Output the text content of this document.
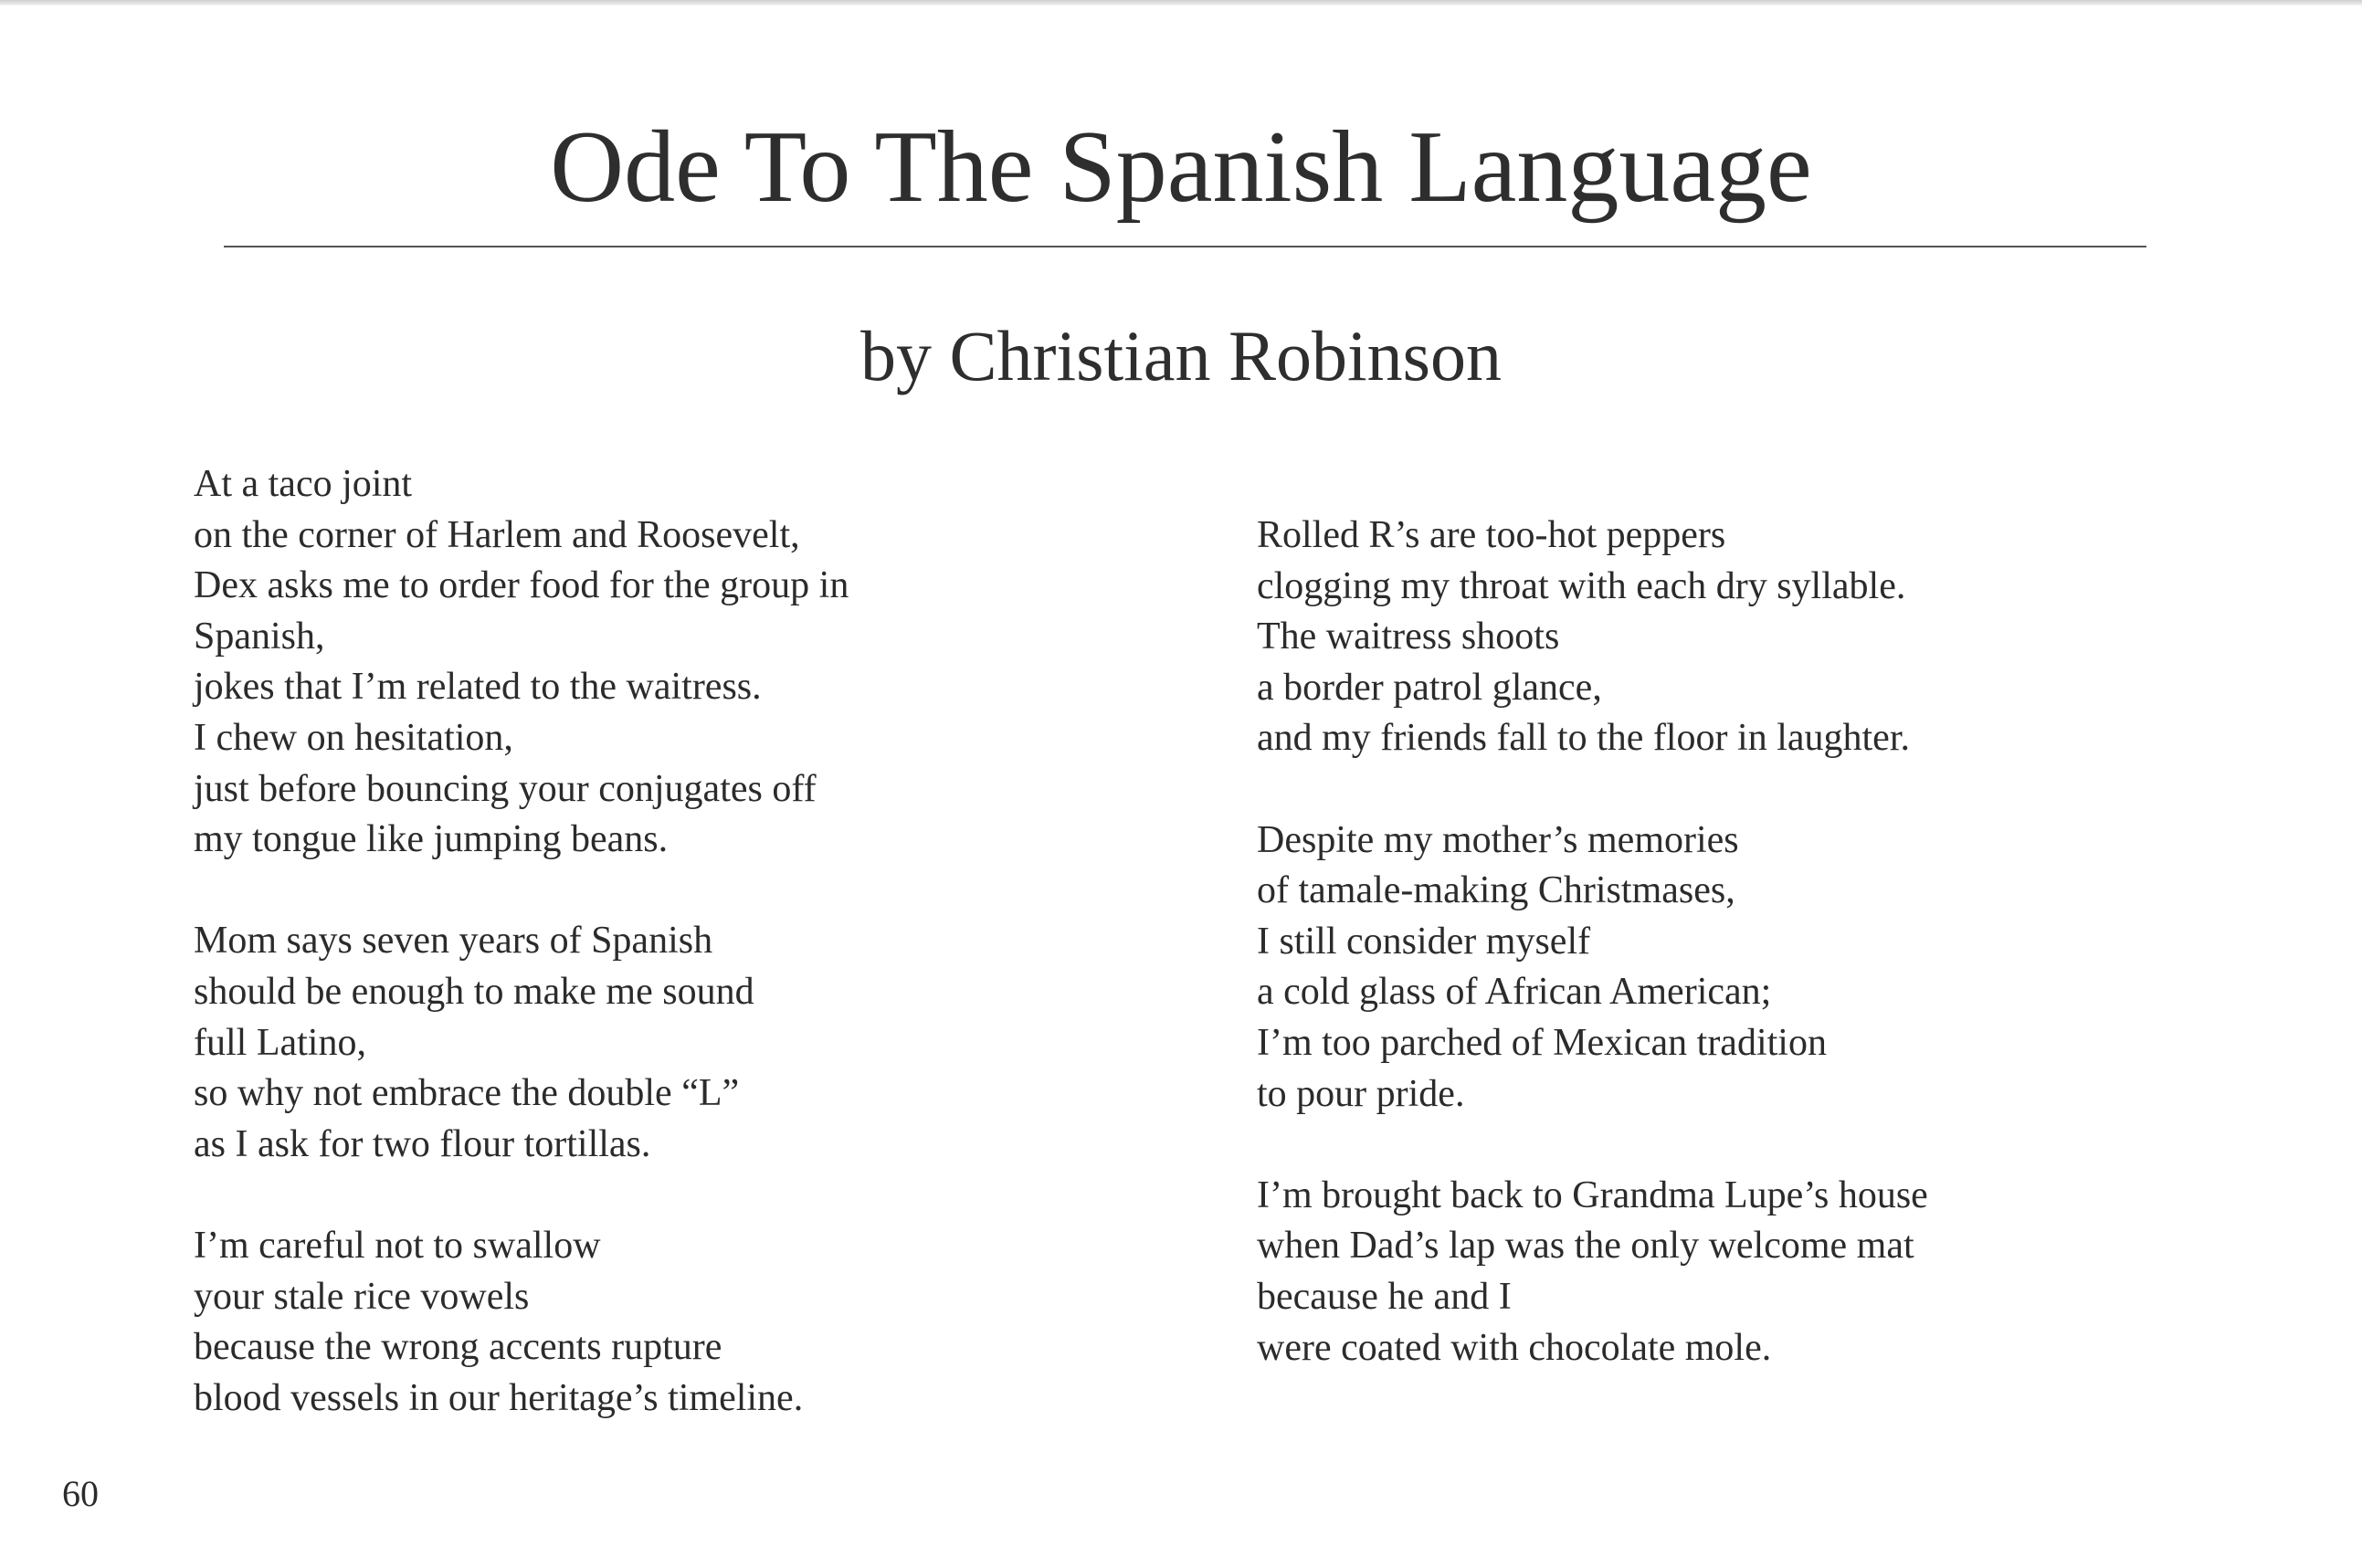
Ode To The Spanish Language
by Christian Robinson
At a taco joint
on the corner of Harlem and Roosevelt,
Dex asks me to order food for the group in
Spanish,
jokes that I’m related to the waitress.
I chew on hesitation,
just before bouncing your conjugates off
my tongue like jumping beans.
Mom says seven years of Spanish
should be enough to make me sound
full Latino,
so why not embrace the double “L”
as I ask for two flour tortillas.
I’m careful not to swallow
your stale rice vowels
because the wrong accents rupture
blood vessels in our heritage’s timeline.
Rolled R’s are too-hot peppers
clogging my throat with each dry syllable.
The waitress shoots
a border patrol glance,
and my friends fall to the floor in laughter.
Despite my mother’s memories
of tamale-making Christmases,
I still consider myself
a cold glass of African American;
I’m too parched of Mexican tradition
to pour pride.
I’m brought back to Grandma Lupe’s house
when Dad’s lap was the only welcome mat
because he and I
were coated with chocolate mole.
60
